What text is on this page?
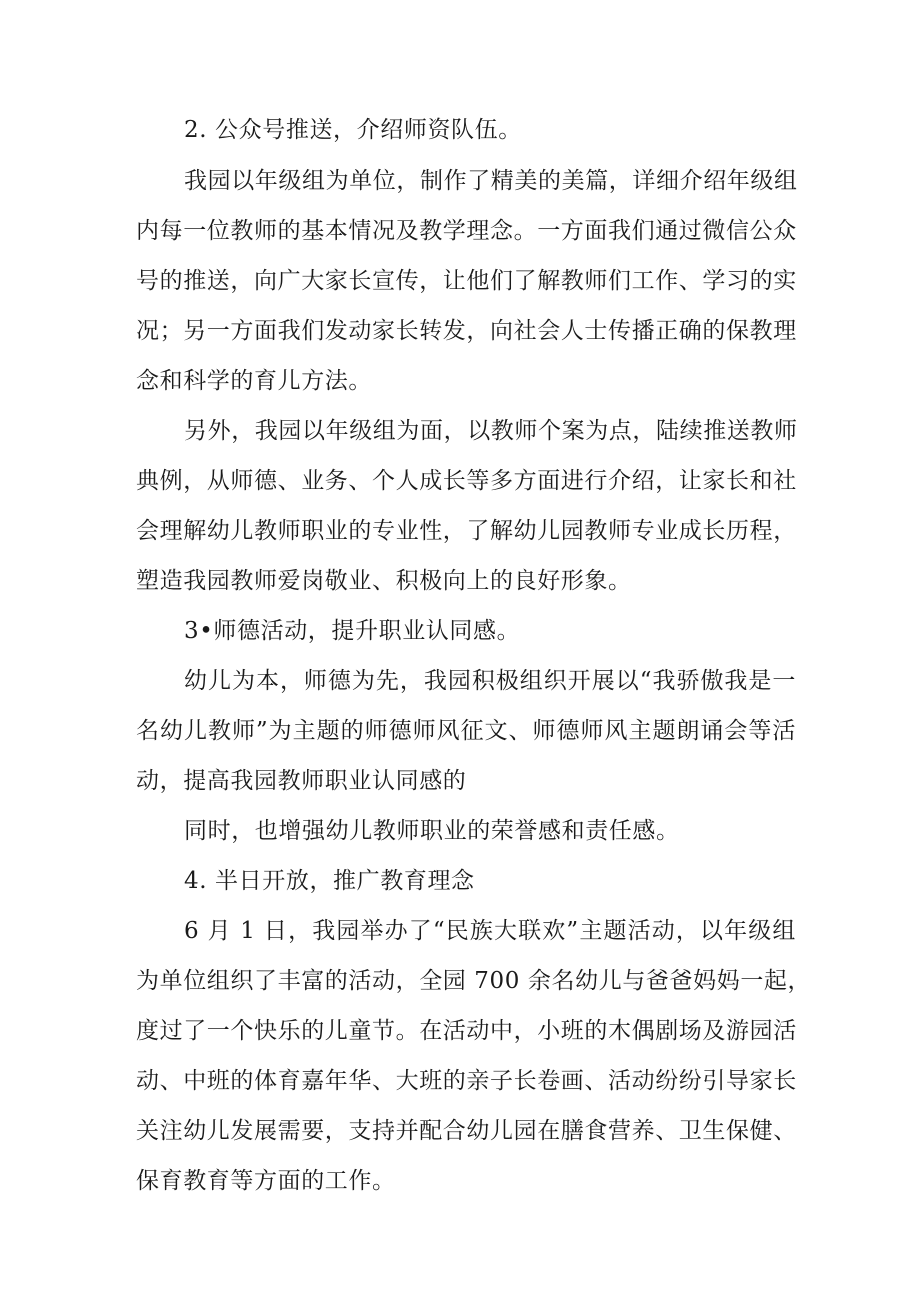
2. 公众号推送，介绍师资队伍。
我园以年级组为单位，制作了精美的美篇，详细介绍年级组
内每一位教师的基本情况及教学理念。一方面我们通过微信公众
号的推送，向广大家长宣传，让他们了解教师们工作、学习的实
况；另一方面我们发动家长转发，向社会人士传播正确的保教理
念和科学的育儿方法。
另外，我园以年级组为面，以教师个案为点，陆续推送教师
典例，从师德、业务、个人成长等多方面进行介绍，让家长和社
会理解幼儿教师职业的专业性，了解幼儿园教师专业成长历程，
塑造我园教师爱岗敬业、积极向上的良好形象。
3•师德活动，提升职业认同感。
幼儿为本，师德为先，我园积极组织开展以“我骄傲我是一
名幼儿教师”为主题的师德师风征文、师德师风主题朗诵会等活
动，提高我园教师职业认同感的
同时，也增强幼儿教师职业的荣誉感和责任感。
4. 半日开放，推广教育理念
6 月 1 日，我园举办了“民族大联欢”主题活动，以年级组
为单位组织了丰富的活动，全园 700 余名幼儿与爸爸妈妈一起，
度过了一个快乐的儿童节。在活动中，小班的木偶剧场及游园活
动、中班的体育嘉年华、大班的亲子长卷画、活动纷纷引导家长
关注幼儿发展需要，支持并配合幼儿园在膳食营养、卫生保健、
保育教育等方面的工作。
